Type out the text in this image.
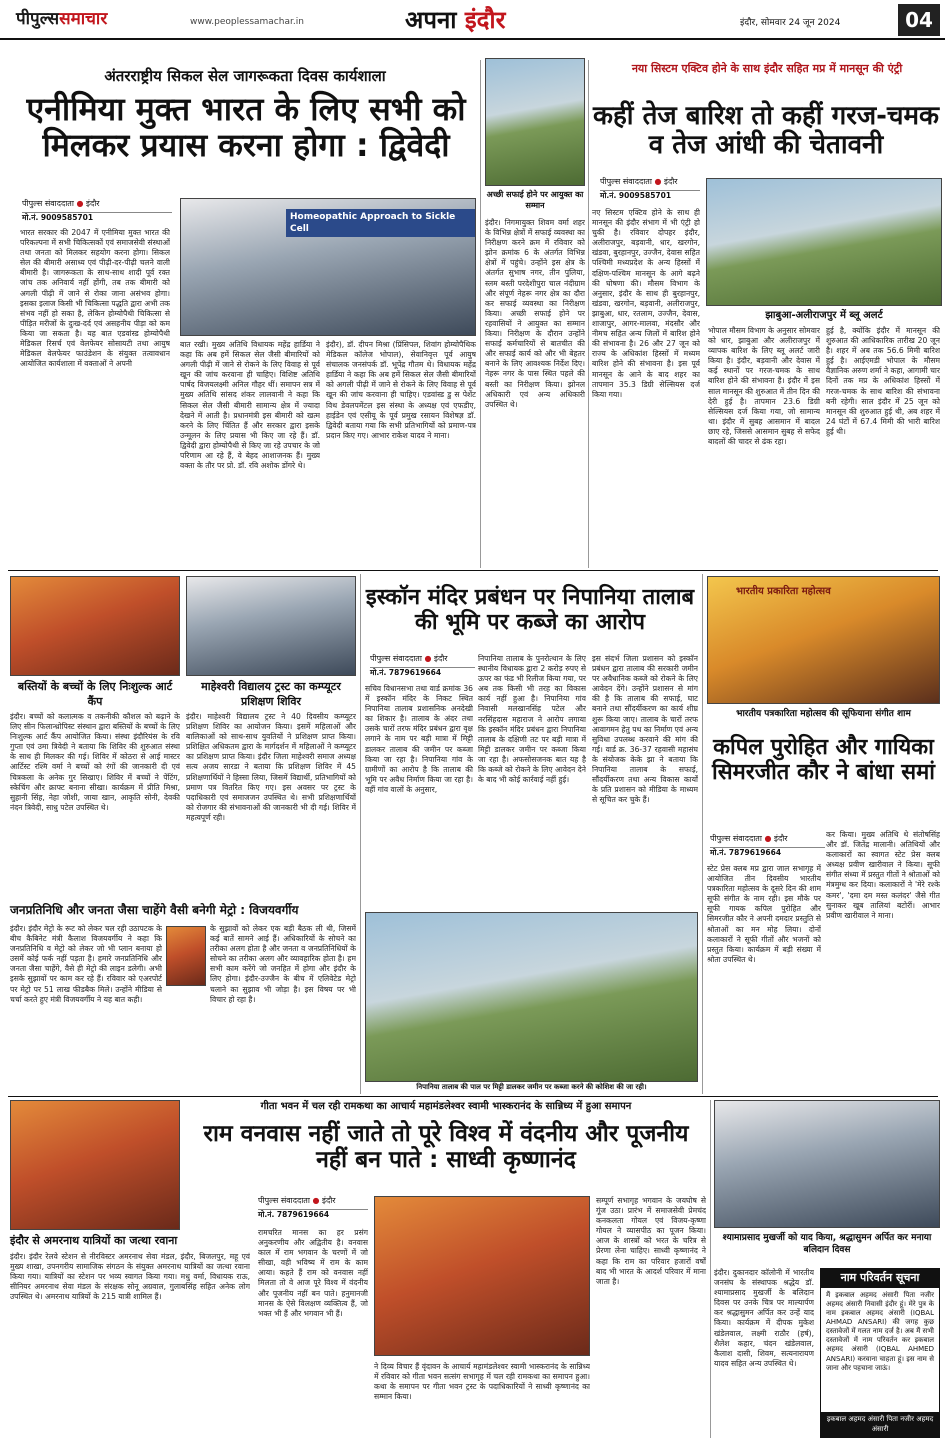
पीपुल्ससमाचार	www.peoplessamachar.in	अपना इंदौर	इंदौर, सोमवार 24 जून 2024	04
अंतरराष्ट्रीय सिकल सेल जागरूकता दिवस कार्यशाला
एनीमिया मुक्त भारत के लिए सभी को मिलकर प्रयास करना होगा : द्विवेदी
पीपुल्स संवाददाता ● इंदौर
मो.नं. 9009585701
भारत सरकार की 2047 में एनीमिया मुक्त भारत की परिकल्पना में सभी चिकित्सकों एवं समाजसेवी संस्थाओं तथा जनता को मिलकर सहयोग करना होगा। सिकल सेल की बीमारी असाध्य एवं पीढ़ी-दर-पीढ़ी चलने वाली बीमारी है। जागरूकता के साथ-साथ शादी पूर्व रक्त जांच तक अनिवार्य नहीं होंगी, तब तक बीमारी को अगली पीढ़ी में जाने से रोका जाना असंभव होगा। इसका इलाज किसी भी चिकित्सा पद्धति द्वारा अभी तक संभव नहीं हो सका है, लेकिन होम्योपैथी चिकित्सा से पीड़ित मरीजों के दुःख-दर्द एवं असहनीय पीड़ा को कम किया जा सकता है। यह बात एडवांस्ड होम्योपैथी मेडिकल रिसर्च एवं वेलफेयर सोसायटी तथा आयुष मेडिकल वेलफेयर फाउंडेशन के संयुक्त तत्वावधान आयोजित कार्यशाला में वक्ताओं ने अपनी
Homeopathic Approach to Sickle Cell
बात रखी। मुख्य अतिथि विधायक महेंद्र हार्डिया ने कहा कि अब हमें सिकल सेल जैसी बीमारियों को अगली पीढ़ी में जाने से रोकने के लिए विवाह से पूर्व खून की जांच करवाना ही चाहिए। विशिष्ट अतिथि पार्षद विजयलक्ष्मी अनिल गौहर थीं। समापन सत्र में मुख्य अतिथि सांसद शंकर लालवानी ने कहा कि सिकल सेल जैसी बीमारी सामान्य क्षेत्र में ज्यादा देखने में आती है। प्रधानमंत्री इस बीमारी को खत्म करने के लिए चिंतित हैं और सरकार द्वारा इसके उन्मूलन के लिए प्रयास भी किए जा रहे हैं। डॉ. द्विवेदी द्वारा होम्योपैथी से किए जा रहे उपचार के जो परिणाम आ रहे हैं, वे बेहद आशाजनक हैं। मुख्य वक्ता के तौर पर प्रो. डॉ. रवि अशोक डोंगरे थे।
इंदौर), डॉ. दीपन मिश्रा (प्रिंसिपल, शिवांग होम्योपैथिक मेडिकल कॉलेज भोपाल), सेवानिवृत्त पूर्व आयुष संचालक जनसंपर्क डॉ. भूपेंद्र गौतम थे। विधायक महेंद्र हार्डिया ने कहा कि अब हमें सिकल सेल जैसी बीमारियों को अगली पीढ़ी में जाने से रोकने के लिए विवाह से पूर्व खून की जांच करवाना ही चाहिए। एडवांस्ड डु स पेशेंट विथ डेवलपमेंटल इस संस्था के अध्यक्ष एवं एफडीए, हाईडेन एवं एसीयू के पूर्व प्रमुख रसायन विशेषज्ञ डॉ. द्विवेदी बताया गया कि सभी प्रतिभागियों को प्रमाण-पत्र प्रदान किए गए। आभार राकेश यादव ने माना।
अच्छी सफाई होने पर आयुक्त का सम्मान
इंदौर। निगमायुक्त शिवम वर्मा शहर के विभिन्न क्षेत्रों में सफाई व्यवस्था का निरीक्षण करने क्रम में रविवार को झोन क्रमांक 6 के अंतर्गत विभिन्न क्षेत्रों में पहुंचे। उन्होंने इस क्षेत्र के अंतर्गत सुभाष नगर, तीन पुलिया, स्लम बस्ती परदेशीपुरा चाल नंदीग्राम और संपूर्ण नेहरू नगर क्षेत्र का दौरा कर सफाई व्यवस्था का निरीक्षण किया। अच्छी सफाई होने पर रहवासियों ने आयुक्त का सम्मान किया। निरीक्षण के दौरान उन्होंने सफाई कर्मचारियों से बातचीत की और सफाई कार्य को और भी बेहतर बनाने के लिए आवश्यक निर्देश दिए। नेहरू नगर के पास स्थित पहले की बस्ती का निरीक्षण किया। झोनल अधिकारी एवं अन्य अधिकारी उपस्थित थे।
नया सिस्टम एक्टिव होने के साथ इंदौर सहित मप्र में मानसून की एंट्री
कहीं तेज बारिश तो कहीं गरज-चमक व तेज आंधी की चेतावनी
पीपुल्स संवाददाता ● इंदौर
मो.नं. 9009585701
नए सिस्टम एक्टिव होने के साथ ही मानसून की इंदौर संभाग में भी एंट्री हो चुकी है। रविवार दोपहर इंदौर, अलीराजपुर, बड़वानी, धार, खरगोन, खंडवा, बुरहानपुर, उज्जैन, देवास सहित पश्चिमी मध्यप्रदेश के अन्य हिस्सों में दक्षिण-पश्चिम मानसून के आगे बढ़ने की घोषणा की। मौसम विभाग के अनुसार, इंदौर के साथ ही बुरहानपुर, खंडवा, खरगोन, बड़वानी, अलीराजपुर, झाबुआ, धार, रतलाम, उज्जैन, देवास, शाजापुर, आगर-मालवा, मंदसौर और नीमच सहित अन्य जिलों में बारिश होने की संभावना है। 26 और 27 जून को राज्य के अधिकांश हिस्सों में मध्यम बारिश होने की संभावना है। इस पूर्व मानसून के आने के बाद शहर का तापमान 35.3 डिग्री सेल्सियस दर्ज किया गया।
झाबुआ-अलीराजपुर में ब्लू अलर्ट
भोपाल मौसम विभाग के अनुसार सोमवार को धार, झाबुआ और अलीराजपुर में व्यापक बारिश के लिए ब्लू अलर्ट जारी किया है। इंदौर, बड़वानी और देवास में कई स्थानों पर गरज-चमक के साथ बारिश होने की संभावना है। इंदौर में इस साल मानसून की शुरुआत में तीन दिन की देरी हुई है। तापमान 23.6 डिग्री सेल्सियस दर्ज किया गया, जो सामान्य था। इंदौर में सुबह आसमान में बादल छाए रहे, जिससे आसमान सुबह से सफेद बादलों की चादर से ढंक रहा।
हुई है, क्योंकि इंदौर में मानसून की शुरुआत की आधिकारिक तारीख 20 जून है। शहर में अब तक 56.6 मिमी बारिश हुई है। आईएमडी भोपाल के मौसम वैज्ञानिक अरुण शर्मा ने कहा, आगामी चार दिनों तक मप्र के अधिकांश हिस्सों में गरज-चमक के साथ बारिश की संभावना बनी रहेगी। साल इंदौर में 25 जून को मानसून की शुरुआत हुई थी, अब शहर में 24 घंटों में 67.4 मिमी की भारी बारिश हुई थी।
बस्तियों के बच्चों के लिए निःशुल्क आर्ट कैंप
इंदौर। बच्चों को कलात्मक व तकनीकी कौशल को बढ़ाने के लिए सीन फिलान्थ्रोपिस्ट संस्थान द्वारा बस्तियों के बच्चों के लिए निःशुल्क आर्ट कैंप आयोजित किया। संस्था इंदौरियंस के रवि गुप्ता एवं उमा त्रिवेदी ने बताया कि शिविर की शुरुआत संस्था के साथ ही मिलकर की गई। शिविर में कोठरा से आई मास्टर आर्टिस्ट रश्मि वर्मा ने बच्चों को रंगों की जानकारी दी एवं चित्रकला के अनेक गुर सिखाए। शिविर में बच्चों ने पेंटिंग, स्केचिंग और क्राफ्ट बनाना सीखा। कार्यक्रम में प्रीति मिश्रा, सुहानी सिंह, नेहा जोशी, जाया खान, आकृति सोनी, देवकी नंदन त्रिवेदी, साधु पटेल उपस्थित थे।
माहेश्वरी विद्यालय ट्रस्ट का कम्प्यूटर प्रशिक्षण शिविर
इंदौर। माहेश्वरी विद्यालय ट्रस्ट ने 40 दिवसीय कम्प्यूटर प्रशिक्षण शिविर का आयोजन किया। इसमें महिलाओं और बालिकाओं को साथ-साथ युवतियों ने प्रशिक्षण प्राप्त किया। प्रशिक्षित अधिकतम द्वारा के मार्गदर्शन में महिलाओं ने कम्प्यूटर का प्रशिक्षण प्राप्त किया। इंदौर जिला माहेश्वरी समाज अध्यक्ष सत्य अजय सारडा ने बताया कि प्रशिक्षण शिविर में 45 प्रशिक्षणार्थियों ने हिस्सा लिया, जिसमें विद्यार्थी, प्रतिभागियों को प्रमाण पत्र वितरित किए गए। इस अवसर पर ट्रस्ट के पदाधिकारी एवं समाजजन उपस्थित थे। सभी प्रशिक्षणार्थियों को रोजगार की संभावनाओं की जानकारी भी दी गई। शिविर में महत्वपूर्ण रही।
जनप्रतिनिधि और जनता जैसा चाहेंगे वैसी बनेगी मेट्रो : विजयवर्गीय
इंदौर। इंदौर मेट्रो के रूट को लेकर चल रही उठापटक के बीच कैबिनेट मंत्री कैलाश विजयवर्गीय ने कहा कि जनप्रतिनिधि व मेट्रो को लेकर जो भी प्लान बनाया हो उसमें कोई फर्क नहीं पड़ता है। हमारे जनप्रतिनिधि और जनता जैसा चाहेंगे, वैसे ही मेट्रो की लाइन डलेगी। अभी इसके सुझावों पर काम कर रहे हैं। रविवार को एअरपोर्ट पर मेट्रो पर 51 लाख फीडबैक मिले। उन्होंने मीडिया से चर्चा करते हुए मंत्री विजयवर्गीय ने यह बात कही।
के सुझावों को लेकर एक बड़ी बैठक ली थी, जिसमें कई बातें सामने आई हैं। अधिकारियों के सोचने का तरीका अलग होता है और जनता व जनप्रतिनिधियों के सोचने का तरीका अलग और व्यावहारिक होता है। हम सभी काम करेंगे जो जनहित में होगा और इंदौर के लिए होगा। इंदौर-उज्जैन के बीच में एलिवेटेड मेट्रो चलाने का सुझाव भी जोड़ा है। इस विषय पर भी विचार हो रहा है।
इस्कॉन मंदिर प्रबंधन पर निपानिया तालाब की भूमि पर कब्जे का आरोप
पीपुल्स संवाददाता ● इंदौर
मो.नं. 7879619664
सचिव विधानसभा तथा वार्ड क्रमांक 36 में इस्कॉन मंदिर के निकट स्थित निपानिया तालाब प्रशासनिक अनदेखी का शिकार है। तालाब के अंदर तथा उसके चारों तरफ मंदिर प्रबंधन द्वारा वृक्ष लगाने के नाम पर बड़ी मात्रा में मिट्टी डालकर तालाब की जमीन पर कब्जा किया जा रहा है। निपानिया गांव के ग्रामीणों का आरोप है कि तालाब की भूमि पर अवैध निर्माण किया जा रहा है। वहीं गांव वालों के अनुसार,
निपानिया तालाब के पुनरोत्थान के लिए स्थानीय विधायक द्वारा 2 करोड़ रुपए से ऊपर का फंड भी रिलीज किया गया, पर अब तक किसी भी तरह का विकास कार्य नहीं हुआ है। निपानिया गांव निवासी मलखानसिंह पटेल और नरसिंहदास महाराज ने आरोप लगाया कि इस्कॉन मंदिर प्रबंधन द्वारा निपानिया तालाब के दक्षिणी तट पर बड़ी मात्रा में मिट्टी डालकर जमीन पर कब्जा किया जा रहा है। अफसोसजनक बात यह है कि कब्जे को रोकने के लिए आवेदन देने के बाद भी कोई कार्रवाई नहीं हुई।
इस संदर्भ जिला प्रशासन को इस्कॉन प्रबंधन द्वारा तालाब की सरकारी जमीन पर अवैधानिक कब्जे को रोकने के लिए आवेदन देंगे। उन्होंने प्रशासन से मांग की है कि तालाब की सफाई, घाट बनाने तथा सौंदर्यीकरण का कार्य शीघ्र शुरू किया जाए। तालाब के चारों तरफ आवागमन हेतु पथ का निर्माण एवं अन्य सुविधा उपलब्ध करवाने की मांग की गई। वार्ड क्र. 36-37 रहवासी महासंघ के संयोजक केके झा ने बताया कि निपानिया तालाब के सफाई, सौंदर्यीकरण तथा अन्य विकास कार्यों के प्रति प्रशासन को मीडिया के माध्यम से सूचित कर चुके हैं।
निपानिया तालाब की पाल पर मिट्टी डालकर जमीन पर कब्जा करने की कोशिश की जा रही।
भारतीय प्रकारिता महोत्सव
भारतीय पत्रकारिता महोत्सव की सूफियाना संगीत शाम
कपिल पुरोहित और गायिका सिमरजीत कौर ने बांधा समां
पीपुल्स संवाददाता ● इंदौर
मो.नं. 7879619664
स्टेट प्रेस क्लब मप्र द्वारा जाल सभागृह में आयोजित तीन दिवसीय भारतीय पत्रकारिता महोत्सव के दूसरे दिन की शाम सूफी संगीत के नाम रही। इस मौके पर सूफी गायक कपिल पुरोहित और सिमरजीत कौर ने अपनी दमदार प्रस्तुति से श्रोताओं का मन मोह लिया। दोनों कलाकारों ने सूफी गीतों और भजनों को प्रस्तुत किया। कार्यक्रम में बड़ी संख्या में श्रोता उपस्थित थे।
कर किया। मुख्य अतिथि थे संतोषसिंह और डॉ. जितेंद्र मालानी। अतिथियों और कलाकारों का स्वागत स्टेट प्रेस क्लब अध्यक्ष प्रवीण खारीवाल ने किया। सूफी संगीत संध्या में प्रस्तुत गीतों ने श्रोताओं को मंत्रमुग्ध कर दिया। कलाकारों ने 'मेरे रश्के कमर', 'दमा दम मस्त कलंदर' जैसे गीत सुनाकर खूब तालियां बटोरीं। आभार प्रवीण खारीवाल ने माना।
गीता भवन में चल रही रामकथा का आचार्य महामंडलेश्वर स्वामी भास्करानंद के सान्निध्य में हुआ समापन
राम वनवास नहीं जाते तो पूरे विश्व में वंदनीय और पूजनीय नहीं बन पाते : साध्वी कृष्णानंद
पीपुल्स संवाददाता ● इंदौर
मो.नं. 7879619664
रामचरित मानस का हर प्रसंग अनुकरणीय और अद्वितीय है। वनवास काल में राम भगवान के चरणों में जो सीखा, वही भविष्य में राम के काम आया। कहते हैं राम को वनवास नहीं मिलता तो वे आज पूरे विश्व में वंदनीय और पूजनीय नहीं बन पाते। हनुमानजी मानस के ऐसे विलक्षण व्यक्तित्व हैं, जो भक्त भी हैं और भगवान भी हैं।
ने दिव्य विचार हैं वृंदावन के आचार्य महामंडलेश्वर स्वामी भास्करानंद के सान्निध्य में रविवार को गीता भवन सत्संग सभागृह में चल रही रामकथा का समापन हुआ। कथा के समापन पर गीता भवन ट्रस्ट के पदाधिकारियों ने साध्वी कृष्णानंद का सम्मान किया।
सम्पूर्ण सभागृह भगवान के जयघोष से गूंज उठा। प्रारंभ में समाजसेवी प्रेमचंद कनकलता गोयल एवं विजय-कृष्णा गोयल ने व्यासपीठ का पूजन किया। आज के शास्त्रों को भरत के चरित्र से प्रेरणा लेना चाहिए। साध्वी कृष्णानंद ने कहा कि राम का परिवार हजारों वर्षों बाद भी भारत के आदर्श परिवार में माना जाता है।
इंदौर से अमरनाथ यात्रियों का जत्था रवाना
इंदौर। इंदौर रेलवे स्टेशन से नीरविस्टर अमरनाथ सेवा मंडल, इंदौर, बिजलपुर, महू एवं मुख्य शाखा, उपनगरीय सामाजिक संगठन के संयुक्त अमरनाथ यात्रियों का जत्था रवाना किया गया। यात्रियों का स्टेशन पर भव्य स्वागत किया गया। मधु वर्मा, विधायक राऊ, सीनियर अमरनाथ सेवा मंडल के संरक्षक सोनू अग्रवाल, गुलाबसिंह सहित अनेक लोग उपस्थित थे। अमरनाथ यात्रियों के 215 यात्री शामिल हैं।
श्यामाप्रसाद मुखर्जी को याद किया, श्रद्धासुमन अर्पित कर मनाया बलिदान दिवस
इंदौर। दुकानदार कॉलोनी में भारतीय जनसंघ के संस्थापक श्रद्धेय डॉ. श्यामाप्रसाद मुखर्जी के बलिदान दिवस पर उनके चित्र पर माल्यार्पण कर श्रद्धासुमन अर्पित कर उन्हें याद किया। कार्यक्रम में दीपक मुकेश खंडेलवाल, लक्ष्मी राठौर (हर्ष), शैलेश कहार, चंदन खंडेलवाल, कैलाश दासी, शिवम, सत्यनारायण यादव सहित अन्य उपस्थित थे।
नाम परिवर्तन सूचना
मैं इकबाल अहमद अंसारी पिता नजीर अहमद अंसारी निवासी इंदौर हूं। मेरे पुत्र के नाम इकबाल अहमद अंसारी (IQBAL AHMAD ANSARI) की जगह कुछ दस्तावेजों में गलत नाम दर्ज है। अब मैं सभी दस्तावेजों में नाम परिवर्तन कर इकबाल अहमद अंसारी (IQBAL AHMED ANSARI) करवाना चाहता हूं। इस नाम से जाना और पहचाना जाऊं।
इकबाल अहमद अंसारी पिता नजीर अहमद अंसारी
